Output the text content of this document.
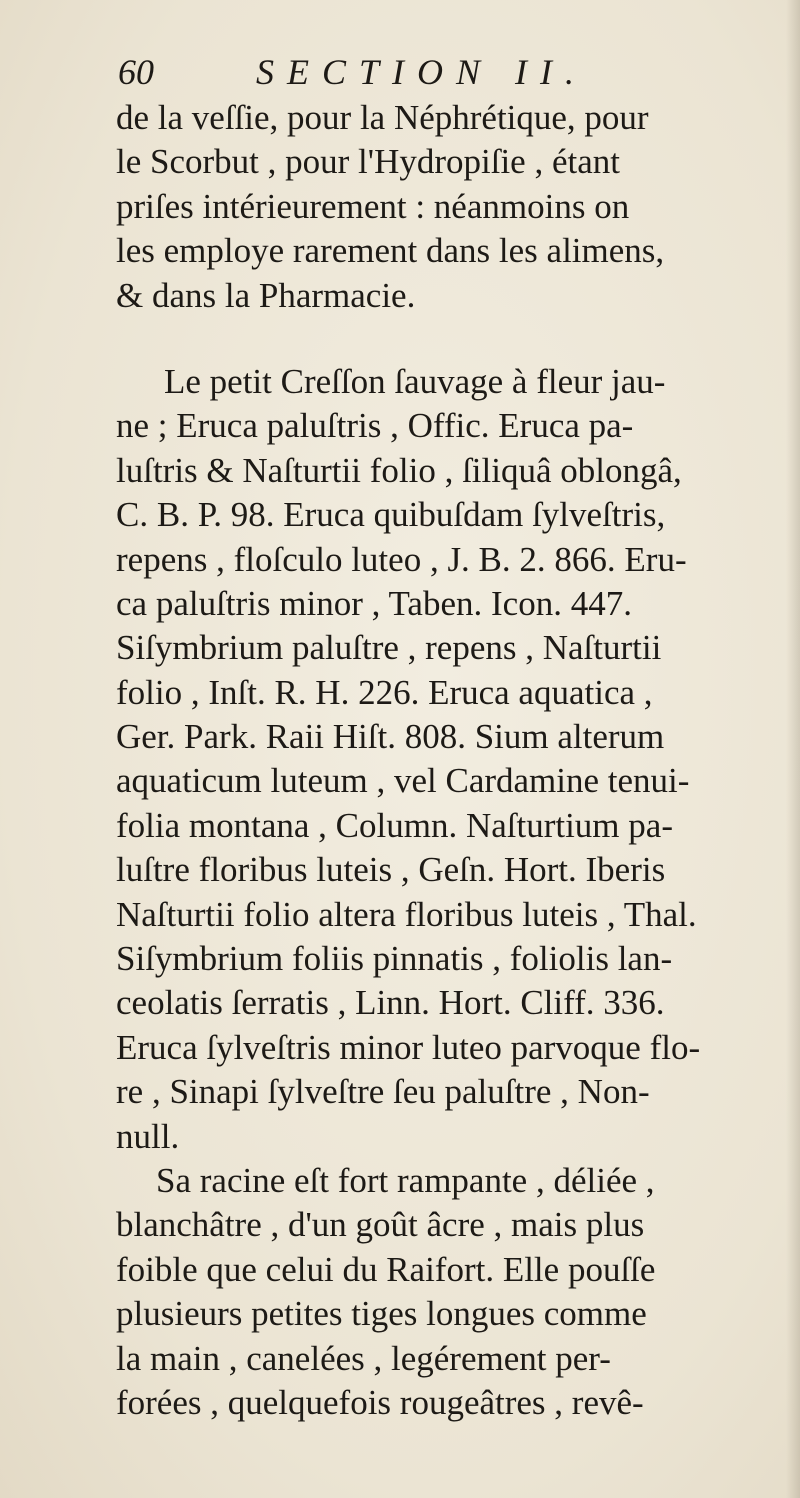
60	SECTION II.
de la veſſie, pour la Néphrétique, pour
le Scorbut , pour l'Hydropiſie , étant
priſes intérieurement : néanmoins on
les employe rarement dans les alimens,
& dans la Pharmacie.
Le petit Creſſon ſauvage à fleur jau-
ne ; Eruca paluſtris , Offic. Eruca pa-
luſtris & Naſturtii folio , ſiliquâ oblongâ,
C. B. P. 98. Eruca quibuſdam ſylveſtris,
repens , floſculo luteo , J. B. 2. 866. Eru-
ca paluſtris minor , Taben. Icon. 447.
Siſymbrium paluſtre , repens , Naſturtii
folio , Inſt. R. H. 226. Eruca aquatica ,
Ger. Park. Raii Hiſt. 808. Sium alterum
aquaticum luteum , vel Cardamine tenui-
folia montana , Column. Naſturtium pa-
luſtre floribus luteis , Geſn. Hort. Iberis
Naſturtii folio altera floribus luteis , Thal.
Siſymbrium foliis pinnatis , foliolis lan-
ceolatis ſerratis , Linn. Hort. Cliff. 336.
Eruca ſylveſtris minor luteo parvoque flo-
re , Sinapi ſylveſtre ſeu paluſtre , Non-
null.
Sa racine eſt fort rampante , déliée ,
blanchâtre , d'un goût âcre , mais plus
foible que celui du Raifort. Elle pouſſe
plusieurs petites tiges longues comme
la main , canelées , legérement per-
forées , quelquefois rougeâtres , revê-
